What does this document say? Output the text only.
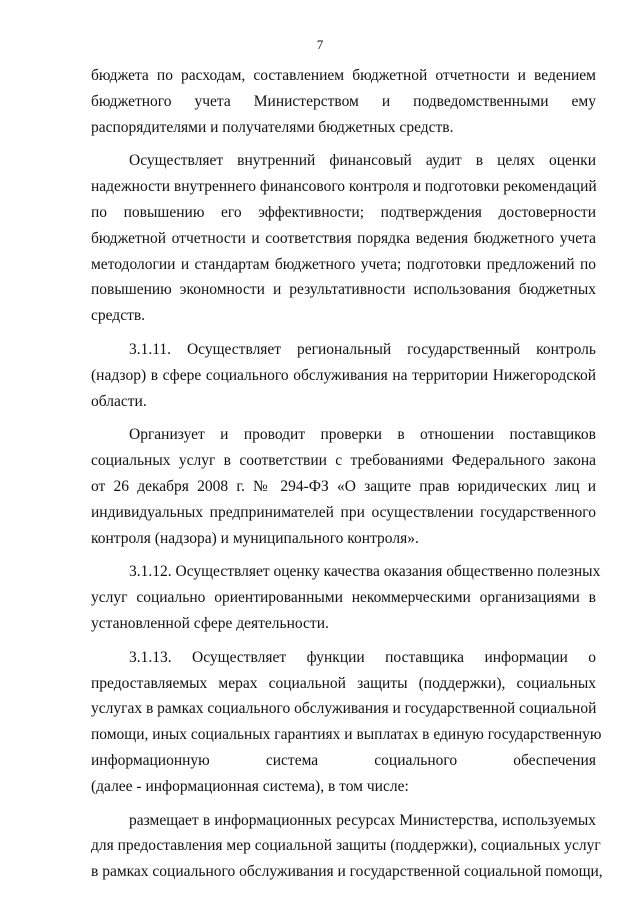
7
бюджета по расходам, составлением бюджетной отчетности и ведением
бюджетного учета Министерством и подведомственными ему
распорядителями и получателями бюджетных средств.
Осуществляет внутренний финансовый аудит в целях оценки
надежности внутреннего финансового контроля и подготовки рекомендаций
по повышению его эффективности; подтверждения достоверности
бюджетной отчетности и соответствия порядка ведения бюджетного учета
методологии и стандартам бюджетного учета; подготовки предложений по
повышению экономности и результативности использования бюджетных
средств.
3.1.11. Осуществляет региональный государственный контроль
(надзор) в сфере социального обслуживания на территории Нижегородской
области.
Организует и проводит проверки в отношении поставщиков
социальных услуг в соответствии с требованиями Федерального закона
от 26 декабря 2008 г. № 294-ФЗ «О защите прав юридических лиц и
индивидуальных предпринимателей при осуществлении государственного
контроля (надзора) и муниципального контроля».
3.1.12. Осуществляет оценку качества оказания общественно полезных
услуг социально ориентированными некоммерческими организациями в
установленной сфере деятельности.
3.1.13. Осуществляет функции поставщика информации о
предоставляемых мерах социальной защиты (поддержки), социальных
услугах в рамках социального обслуживания и государственной социальной
помощи, иных социальных гарантиях и выплатах в единую государственную
информационную система социального обеспечения
(далее - информационная система), в том числе:
размещает в информационных ресурсах Министерства, используемых
для предоставления мер социальной защиты (поддержки), социальных услуг
в рамках социального обслуживания и государственной социальной помощи,
